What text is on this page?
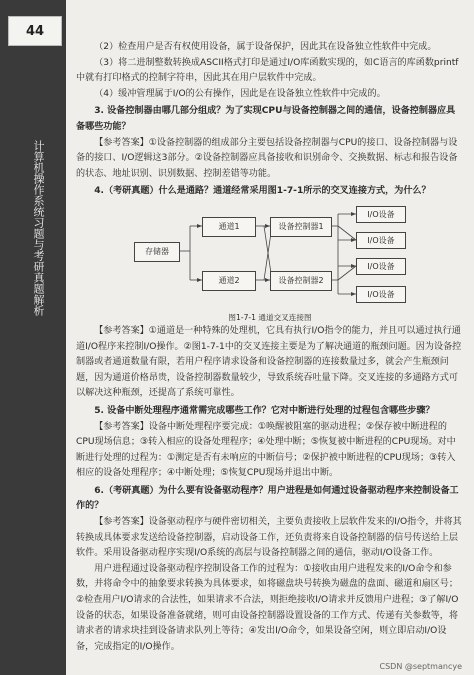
44
计算机操作系统习题与考研真题解析

（2）检查用户是否有权使用设备，属于设备保护，因此其在设备独立性软件中完成。

（3）将二进制整数转换成ASCII格式打印是通过I/O库函数实现的，如C语言的库函数printf中就有打印格式的控制字符串，因此其在用户层软件中完成。

（4）缓冲管理属于I/O的公有操作，因此是在设备独立性软件中完成的。

3. 设备控制器由哪几部分组成？为了实现CPU与设备控制器之间的通信，设备控制器应具备哪些功能？

【参考答案】①设备控制器的组成部分主要包括设备控制器与CPU的接口、设备控制器与设备的接口、I/O逻辑这3部分。②设备控制器应具备接收和识别命令、交换数据、标志和报告设备的状态、地址识别、识别数据、控制差错等功能。

4.（考研真题）什么是通路？通道经常采用图1-7-1所示的交叉连接方式，为什么？

存储器
通道1
通道2
设备控制器1
设备控制器2
I/O设备
I/O设备
I/O设备
I/O设备
图1-7-1 通道交叉连接图

【参考答案】①通道是一种特殊的处理机，它具有执行I/O指令的能力，并且可以通过执行通道I/O程序来控制I/O操作。②图1-7-1中的交叉连接主要是为了解决通道的瓶颈问题。因为设备控制器或者通道数量有限，若用户程序请求设备和设备控制器的连接数量过多，就会产生瓶颈问题，因为通道价格昂贵，设备控制器数量较少，导致系统吞吐量下降。交叉连接的多通路方式可以解决这种瓶颈，还提高了系统可靠性。

5. 设备中断处理程序通常需完成哪些工作？它对中断进行处理的过程包含哪些步骤？

【参考答案】设备中断处理程序要完成：①唤醒被阻塞的驱动进程；②保存被中断进程的CPU现场信息；③转入相应的设备处理程序；④处理中断；⑤恢复被中断进程的CPU现场。对中断进行处理的过程为：①测定是否有未响应的中断信号；②保护被中断进程的CPU现场；③转入相应的设备处理程序；④中断处理；⑤恢复CPU现场并退出中断。

6.（考研真题）为什么要有设备驱动程序？用户进程是如何通过设备驱动程序来控制设备工作的？

【参考答案】设备驱动程序与硬件密切相关，主要负责接收上层软件发来的I/O指令，并将其转换成具体要求发送给设备控制器，启动设备工作，还负责将来自设备控制器的信号传送给上层软件。采用设备驱动程序实现I/O系统的高层与设备控制器之间的通信，驱动I/O设备工作。

用户进程通过设备驱动程序控制设备工作的过程为：①接收由用户进程发来的I/O命令和参数，并将命令中的抽象要求转换为具体要求，如将磁盘块号转换为磁盘的盘面、磁道和扇区号；②检查用户I/O请求的合法性，如果请求不合法，则拒绝接收I/O请求并反馈用户进程；③了解I/O设备的状态，如果设备准备就绪，则可由设备控制器设置设备的工作方式、传递有关参数等，将请求者的请求块挂到设备请求队列上等待；④发出I/O命令，如果设备空闲，则立即启动I/O设备，完成指定的I/O操作。

CSDN @septmancye
